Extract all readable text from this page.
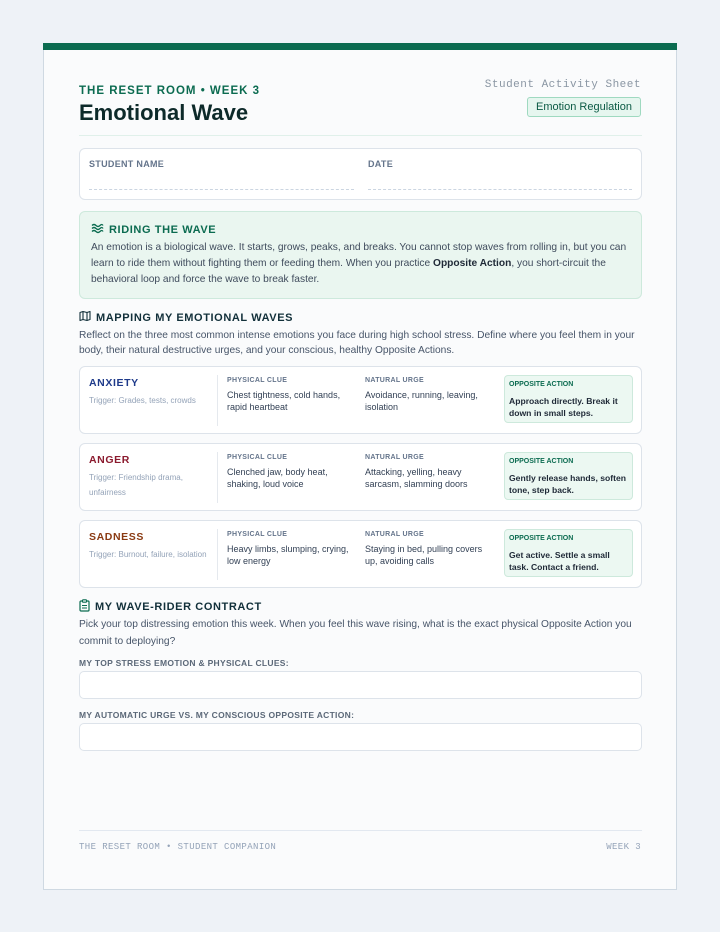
THE RESET ROOM • WEEK 3
Emotional Wave
Student Activity Sheet
Emotion Regulation
STUDENT NAME	DATE
RIDING THE WAVE
An emotion is a biological wave. It starts, grows, peaks, and breaks. You cannot stop waves from rolling in, but you can learn to ride them without fighting them or feeding them. When you practice Opposite Action, you short-circuit the behavioral loop and force the wave to break faster.
MAPPING MY EMOTIONAL WAVES
Reflect on the three most common intense emotions you face during high school stress. Define where you feel them in your body, their natural destructive urges, and your conscious, healthy Opposite Actions.
ANXIETY
Trigger: Grades, tests, crowds
PHYSICAL CLUE
Chest tightness, cold hands, rapid heartbeat
NATURAL URGE
Avoidance, running, leaving, isolation
OPPOSITE ACTION
Approach directly. Break it down in small steps.
ANGER
Trigger: Friendship drama, unfairness
PHYSICAL CLUE
Clenched jaw, body heat, shaking, loud voice
NATURAL URGE
Attacking, yelling, heavy sarcasm, slamming doors
OPPOSITE ACTION
Gently release hands, soften tone, step back.
SADNESS
Trigger: Burnout, failure, isolation
PHYSICAL CLUE
Heavy limbs, slumping, crying, low energy
NATURAL URGE
Staying in bed, pulling covers up, avoiding calls
OPPOSITE ACTION
Get active. Settle a small task. Contact a friend.
MY WAVE-RIDER CONTRACT
Pick your top distressing emotion this week. When you feel this wave rising, what is the exact physical Opposite Action you commit to deploying?
MY TOP STRESS EMOTION & PHYSICAL CLUES:
MY AUTOMATIC URGE VS. MY CONSCIOUS OPPOSITE ACTION:
THE RESET ROOM • STUDENT COMPANION	WEEK 3
